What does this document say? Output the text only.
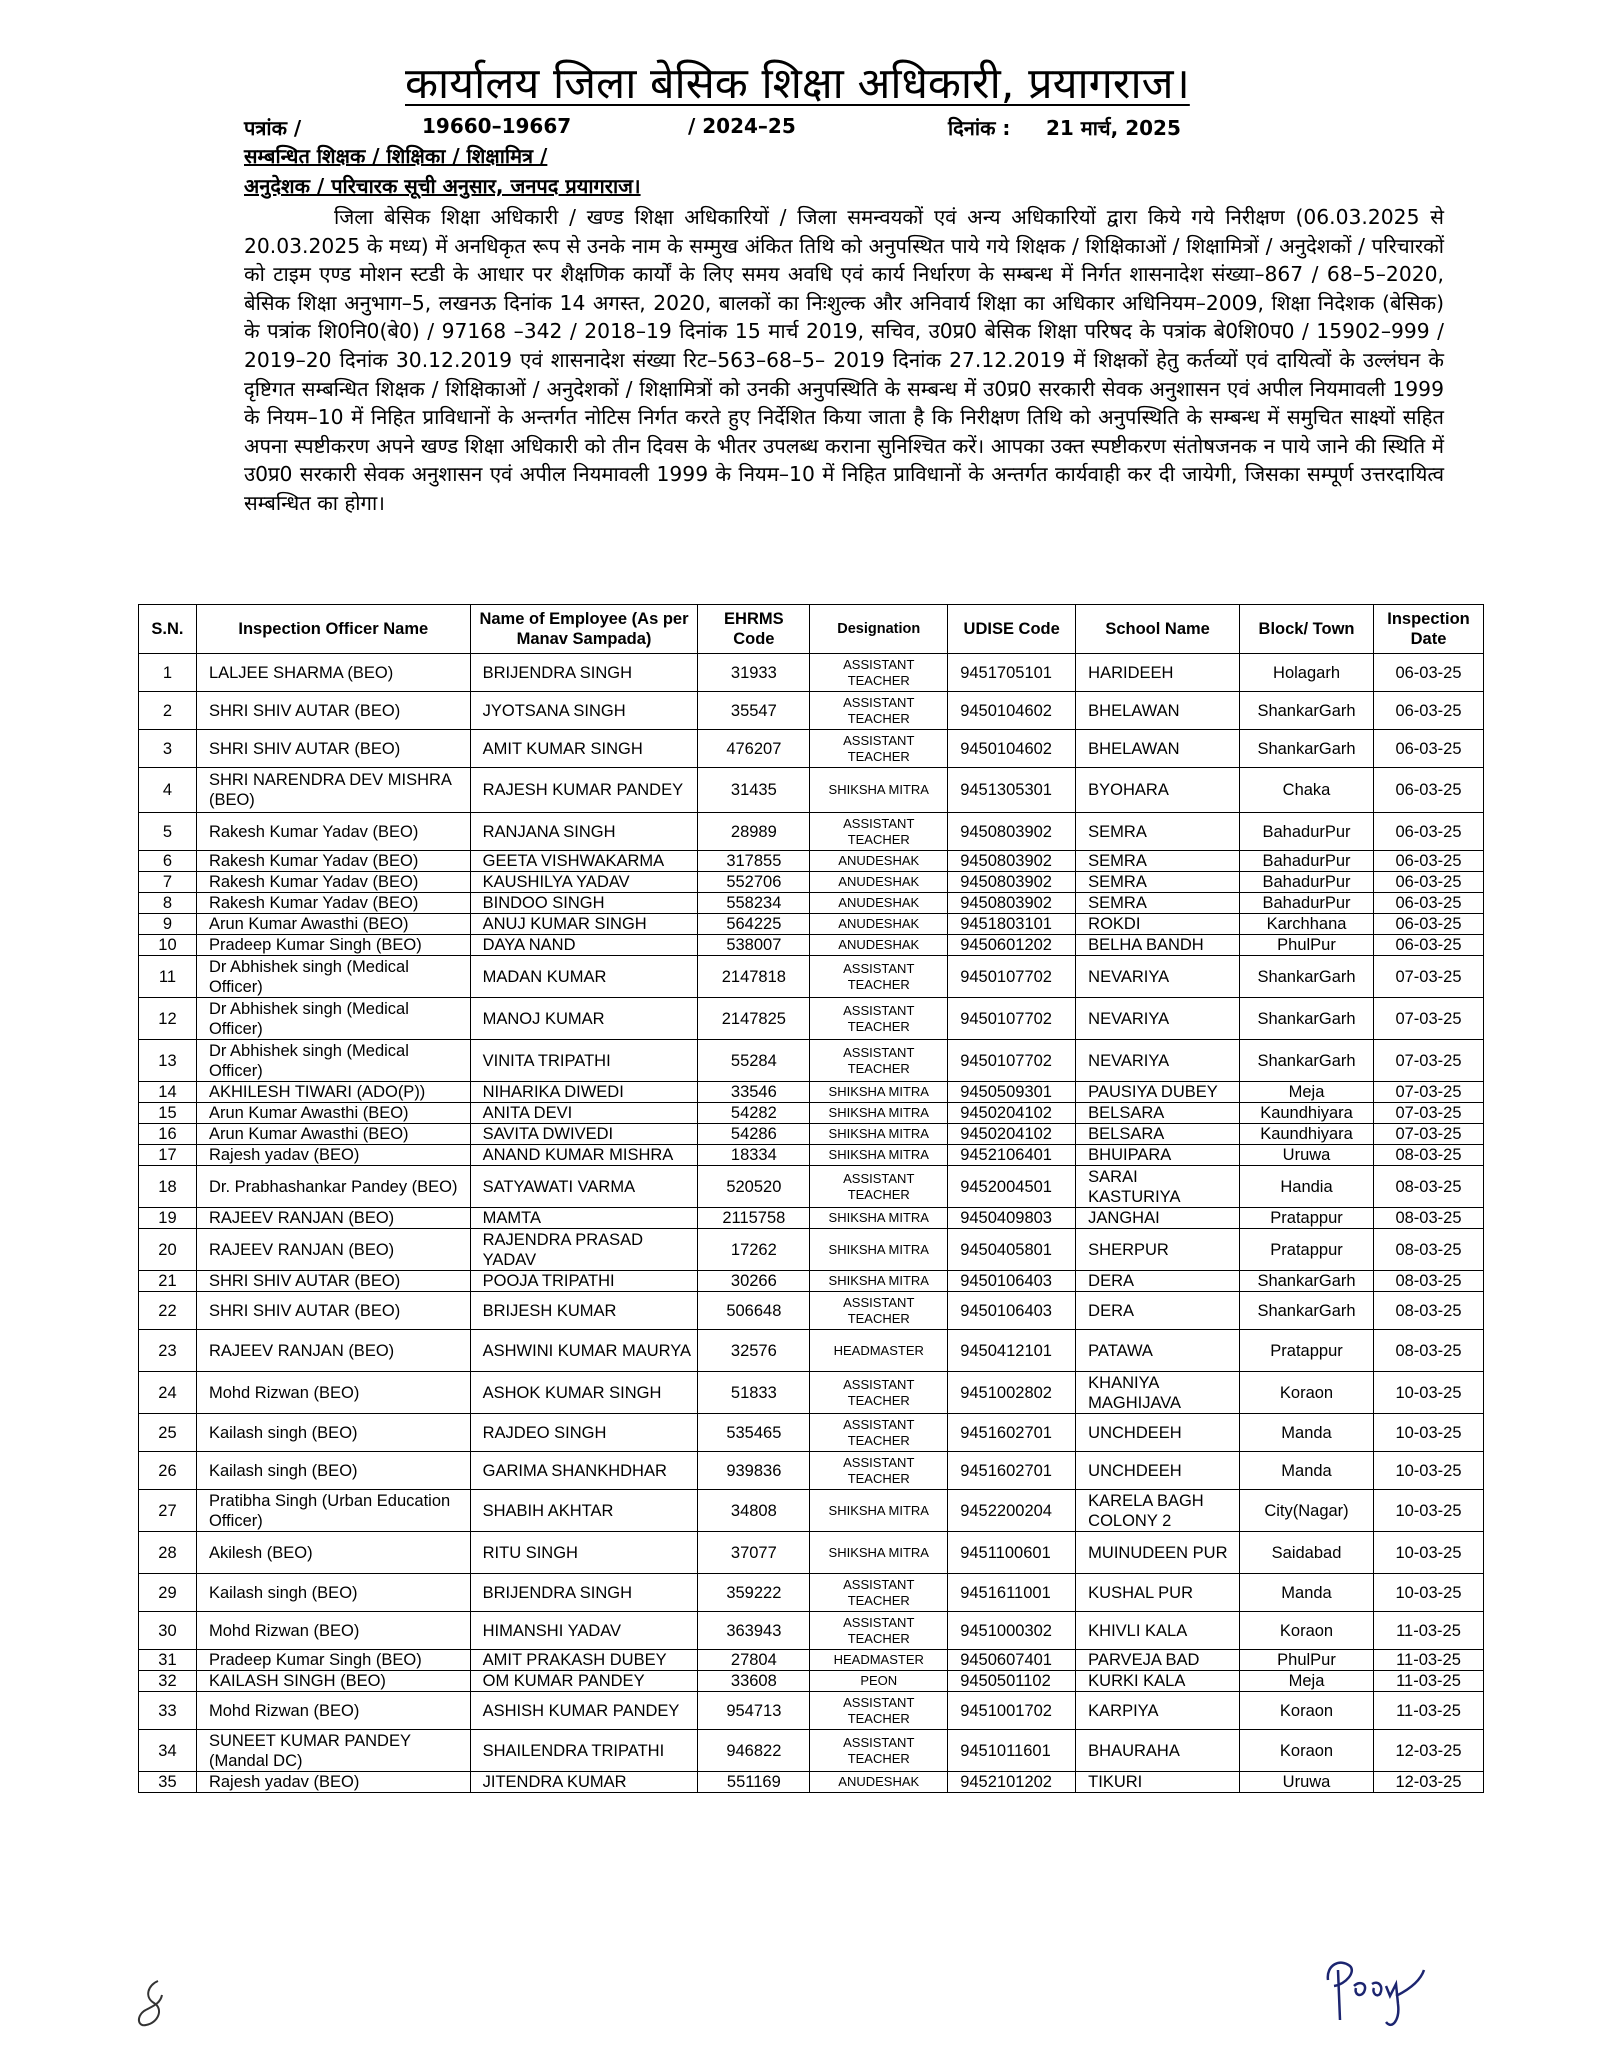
कार्यालय जिला बेसिक शिक्षा अधिकारी, प्रयागराज।
पत्रांक /	19660–19667	/ 2024–25	दिनांक : 21 मार्च, 2025
सम्बन्धित शिक्षक / शिक्षिका / शिक्षामित्र /
अनुदेशक / परिचारक सूची अनुसार, जनपद प्रयागराज।
जिला बेसिक शिक्षा अधिकारी / खण्ड शिक्षा अधिकारियों / जिला समन्वयकों एवं अन्य अधिकारियों द्वारा किये गये निरीक्षण (06.03.2025 से 20.03.2025 के मध्य) में अनधिकृत रूप से उनके नाम के सम्मुख अंकित तिथि को अनुपस्थित पाये गये शिक्षक / शिक्षिकाओं / शिक्षामित्रों / अनुदेशकों / परिचारकों को टाइम एण्ड मोशन स्टडी के आधार पर शैक्षणिक कार्यों के लिए समय अवधि एवं कार्य निर्धारण के सम्बन्ध में निर्गत शासनादेश संख्या–867 / 68–5–2020, बेसिक शिक्षा अनुभाग–5, लखनऊ दिनांक 14 अगस्त, 2020, बालकों का निःशुल्क और अनिवार्य शिक्षा का अधिकार अधिनियम–2009, शिक्षा निदेशक (बेसिक) के पत्रांक शि0नि0(बे0) / 97168 –342 / 2018–19 दिनांक 15 मार्च 2019, सचिव, उ0प्र0 बेसिक शिक्षा परिषद के पत्रांक बे0शि0प0 / 15902–999 / 2019–20 दिनांक 30.12.2019 एवं शासनादेश संख्या रिट–563–68–5– 2019 दिनांक 27.12.2019 में शिक्षकों हेतु कर्तव्यों एवं दायित्वों के उल्लंघन के दृष्टिगत सम्बन्धित शिक्षक / शिक्षिकाओं / अनुदेशकों / शिक्षामित्रों को उनकी अनुपस्थिति के सम्बन्ध में उ0प्र0 सरकारी सेवक अनुशासन एवं अपील नियमावली 1999 के नियम–10 में निहित प्राविधानों के अन्तर्गत नोटिस निर्गत करते हुए निर्देशित किया जाता है कि निरीक्षण तिथि को अनुपस्थिति के सम्बन्ध में समुचित साक्ष्यों सहित अपना स्पष्टीकरण अपने खण्ड शिक्षा अधिकारी को तीन दिवस के भीतर उपलब्ध कराना सुनिश्चित करें। आपका उक्त स्पष्टीकरण संतोषजनक न पाये जाने की स्थिति में उ0प्र0 सरकारी सेवक अनुशासन एवं अपील नियमावली 1999 के नियम–10 में निहित प्राविधानों के अन्तर्गत कार्यवाही कर दी जायेगी, जिसका सम्पूर्ण उत्तरदायित्व सम्बन्धित का होगा।
S.N.	Inspection Officer Name	Name of Employee (As per Manav Sampada)	EHRMS Code	Designation	UDISE Code	School Name	Block/ Town	Inspection Date
1	LALJEE SHARMA (BEO)	BRIJENDRA SINGH	31933	ASSISTANT TEACHER	9451705101	HARIDEEH	Holagarh	06-03-25
2	SHRI SHIV AUTAR (BEO)	JYOTSANA SINGH	35547	ASSISTANT TEACHER	9450104602	BHELAWAN	ShankarGarh	06-03-25
3	SHRI SHIV AUTAR (BEO)	AMIT KUMAR SINGH	476207	ASSISTANT TEACHER	9450104602	BHELAWAN	ShankarGarh	06-03-25
4	SHRI NARENDRA DEV MISHRA (BEO)	RAJESH KUMAR PANDEY	31435	SHIKSHA MITRA	9451305301	BYOHARA	Chaka	06-03-25
5	Rakesh Kumar Yadav (BEO)	RANJANA SINGH	28989	ASSISTANT TEACHER	9450803902	SEMRA	BahadurPur	06-03-25
6	Rakesh Kumar Yadav (BEO)	GEETA VISHWAKARMA	317855	ANUDESHAK	9450803902	SEMRA	BahadurPur	06-03-25
7	Rakesh Kumar Yadav (BEO)	KAUSHILYA YADAV	552706	ANUDESHAK	9450803902	SEMRA	BahadurPur	06-03-25
8	Rakesh Kumar Yadav (BEO)	BINDOO SINGH	558234	ANUDESHAK	9450803902	SEMRA	BahadurPur	06-03-25
9	Arun Kumar Awasthi (BEO)	ANUJ KUMAR SINGH	564225	ANUDESHAK	9451803101	ROKDI	Karchhana	06-03-25
10	Pradeep Kumar Singh (BEO)	DAYA NAND	538007	ANUDESHAK	9450601202	BELHA BANDH	PhulPur	06-03-25
11	Dr Abhishek singh (Medical Officer)	MADAN KUMAR	2147818	ASSISTANT TEACHER	9450107702	NEVARIYA	ShankarGarh	07-03-25
12	Dr Abhishek singh (Medical Officer)	MANOJ KUMAR	2147825	ASSISTANT TEACHER	9450107702	NEVARIYA	ShankarGarh	07-03-25
13	Dr Abhishek singh (Medical Officer)	VINITA TRIPATHI	55284	ASSISTANT TEACHER	9450107702	NEVARIYA	ShankarGarh	07-03-25
14	AKHILESH TIWARI (ADO(P))	NIHARIKA DIWEDI	33546	SHIKSHA MITRA	9450509301	PAUSIYA DUBEY	Meja	07-03-25
15	Arun Kumar Awasthi (BEO)	ANITA DEVI	54282	SHIKSHA MITRA	9450204102	BELSARA	Kaundhiyara	07-03-25
16	Arun Kumar Awasthi (BEO)	SAVITA DWIVEDI	54286	SHIKSHA MITRA	9450204102	BELSARA	Kaundhiyara	07-03-25
17	Rajesh yadav (BEO)	ANAND KUMAR MISHRA	18334	SHIKSHA MITRA	9452106401	BHUIPARA	Uruwa	08-03-25
18	Dr. Prabhashankar Pandey (BEO)	SATYAWATI VARMA	520520	ASSISTANT TEACHER	9452004501	SARAI KASTURIYA	Handia	08-03-25
19	RAJEEV RANJAN (BEO)	MAMTA	2115758	SHIKSHA MITRA	9450409803	JANGHAI	Pratappur	08-03-25
20	RAJEEV RANJAN (BEO)	RAJENDRA PRASAD YADAV	17262	SHIKSHA MITRA	9450405801	SHERPUR	Pratappur	08-03-25
21	SHRI SHIV AUTAR (BEO)	POOJA TRIPATHI	30266	SHIKSHA MITRA	9450106403	DERA	ShankarGarh	08-03-25
22	SHRI SHIV AUTAR (BEO)	BRIJESH KUMAR	506648	ASSISTANT TEACHER	9450106403	DERA	ShankarGarh	08-03-25
23	RAJEEV RANJAN (BEO)	ASHWINI KUMAR MAURYA	32576	HEADMASTER	9450412101	PATAWA	Pratappur	08-03-25
24	Mohd Rizwan (BEO)	ASHOK KUMAR SINGH	51833	ASSISTANT TEACHER	9451002802	KHANIYA MAGHIJAVA	Koraon	10-03-25
25	Kailash singh (BEO)	RAJDEO SINGH	535465	ASSISTANT TEACHER	9451602701	UNCHDEEH	Manda	10-03-25
26	Kailash singh (BEO)	GARIMA SHANKHDHAR	939836	ASSISTANT TEACHER	9451602701	UNCHDEEH	Manda	10-03-25
27	Pratibha Singh (Urban Education Officer)	SHABIH AKHTAR	34808	SHIKSHA MITRA	9452200204	KARELA BAGH COLONY 2	City(Nagar)	10-03-25
28	Akilesh (BEO)	RITU SINGH	37077	SHIKSHA MITRA	9451100601	MUINUDEEN PUR	Saidabad	10-03-25
29	Kailash singh (BEO)	BRIJENDRA SINGH	359222	ASSISTANT TEACHER	9451611001	KUSHAL PUR	Manda	10-03-25
30	Mohd Rizwan (BEO)	HIMANSHI YADAV	363943	ASSISTANT TEACHER	9451000302	KHIVLI KALA	Koraon	11-03-25
31	Pradeep Kumar Singh (BEO)	AMIT PRAKASH DUBEY	27804	HEADMASTER	9450607401	PARVEJA BAD	PhulPur	11-03-25
32	KAILASH SINGH (BEO)	OM KUMAR PANDEY	33608	PEON	9450501102	KURKI KALA	Meja	11-03-25
33	Mohd Rizwan (BEO)	ASHISH KUMAR PANDEY	954713	ASSISTANT TEACHER	9451001702	KARPIYA	Koraon	11-03-25
34	SUNEET KUMAR PANDEY (Mandal DC)	SHAILENDRA TRIPATHI	946822	ASSISTANT TEACHER	9451011601	BHAURAHA	Koraon	12-03-25
35	Rajesh yadav (BEO)	JITENDRA KUMAR	551169	ANUDESHAK	9452101202	TIKURI	Uruwa	12-03-25
